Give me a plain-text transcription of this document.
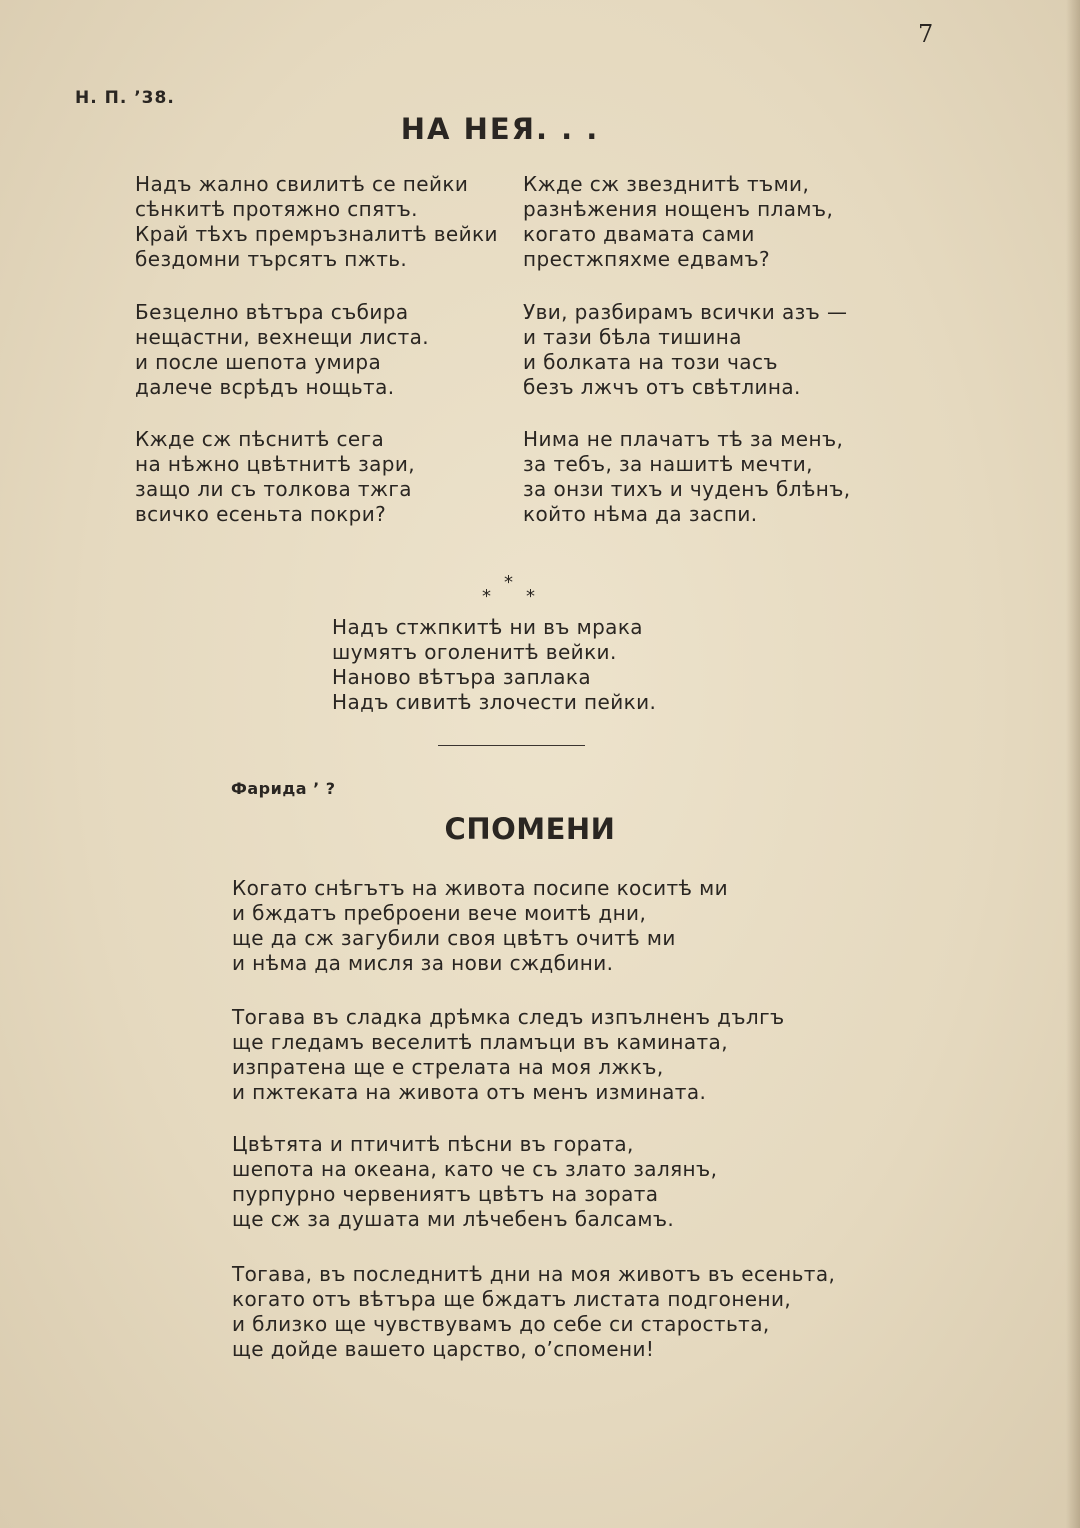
7
Н. П. ’38.
НА НЕЯ. . .
Надъ жално свилитѣ се пейки
сѣнкитѣ протяжно спятъ.
Край тѣхъ премръзналитѣ вейки
бездомни търсятъ пжть.
Безцелно вѣтъра събира
нещастни, вехнещи листа.
и после шепота умира
далече всрѣдъ нощьта.
Кжде сж пѣснитѣ сега
на нѣжно цвѣтнитѣ зари,
защо ли съ толкова тжга
всичко есеньта покри?
Кжде сж звезднитѣ тъми,
разнѣжения нощенъ пламъ,
когато двамата сами
престжпяхме едвамъ?
Уви, разбирамъ всички азъ —
и тази бѣла тишина
и болката на този часъ
безъ лжчъ отъ свѣтлина.
Нима не плачатъ тѣ за менъ,
за тебъ, за нашитѣ мечти,
за онзи тихъ и чуденъ блѣнъ,
който нѣма да заспи.
*
* *
Надъ стжпкитѣ ни въ мрака
шумятъ оголенитѣ вейки.
Наново вѣтъра заплака
Надъ сивитѣ злочести пейки.
Фарида ’ ?
СПОМЕНИ
Когато снѣгътъ на живота посипе коситѣ ми
и бждатъ преброени вече моитѣ дни,
ще да сж загубили своя цвѣтъ очитѣ ми
и нѣма да мисля за нови сждбини.
Тогава въ сладка дрѣмка следъ изпълненъ дългъ
ще гледамъ веселитѣ пламъци въ камината,
изпратена ще е стрелата на моя лжкъ,
и пжтеката на живота отъ менъ измината.
Цвѣтята и птичитѣ пѣсни въ гората,
шепота на океана, като че съ злато залянъ,
пурпурно червениятъ цвѣтъ на зората
ще сж за душата ми лѣчебенъ балсамъ.
Тогава, въ последнитѣ дни на моя животъ въ есеньта,
когато отъ вѣтъра ще бждатъ листата подгонени,
и близко ще чувствувамъ до себе си старостьта,
ще дойде вашето царство, о’спомени!
